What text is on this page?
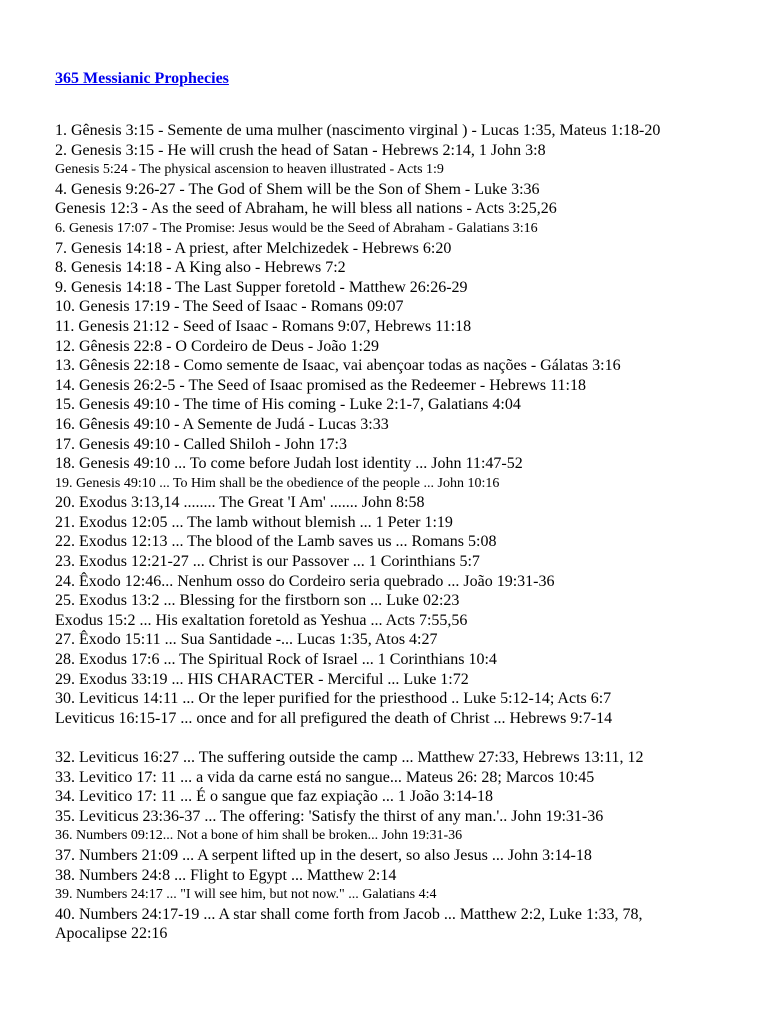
365 Messianic Prophecies
1. Gênesis 3:15 - Semente de uma mulher (nascimento virginal ) - Lucas 1:35, Mateus 1:18-20
2. Genesis 3:15 - He will crush the head of Satan - Hebrews 2:14, 1 John 3:8
Genesis 5:24 - The physical ascension to heaven illustrated - Acts 1:9
4. Genesis 9:26-27 - The God of Shem will be the Son of Shem - Luke 3:36
Genesis 12:3 - As the seed of Abraham, he will bless all nations - Acts 3:25,26
6. Genesis 17:07 - The Promise: Jesus would be the Seed of Abraham - Galatians 3:16
7. Genesis 14:18 - A priest, after Melchizedek - Hebrews 6:20
8. Genesis 14:18 - A King also - Hebrews 7:2
9. Genesis 14:18 - The Last Supper foretold - Matthew 26:26-29
10. Genesis 17:19 - The Seed of Isaac - Romans 09:07
11. Genesis 21:12 - Seed of Isaac - Romans 9:07, Hebrews 11:18
12. Gênesis 22:8 - O Cordeiro de Deus - João 1:29
13. Gênesis 22:18 - Como semente de Isaac, vai abençoar todas as nações - Gálatas 3:16
14. Genesis 26:2-5 - The Seed of Isaac promised as the Redeemer - Hebrews 11:18
15. Genesis 49:10 - The time of His coming - Luke 2:1-7, Galatians 4:04
16. Gênesis 49:10 - A Semente de Judá - Lucas 3:33
17. Genesis 49:10 - Called Shiloh - John 17:3
18. Genesis 49:10 ... To come before Judah lost identity ... John 11:47-52
19. Genesis 49:10 ... To Him shall be the obedience of the people ... John 10:16
20. Exodus 3:13,14 ........ The Great 'I Am' ....... John 8:58
21. Exodus 12:05 ... The lamb without blemish ... 1 Peter 1:19
22. Exodus 12:13 ... The blood of the Lamb saves us ... Romans 5:08
23. Exodus 12:21-27 ... Christ is our Passover ... 1 Corinthians 5:7
24. Êxodo 12:46... Nenhum osso do Cordeiro seria quebrado ... João 19:31-36
25. Exodus 13:2 ... Blessing for the firstborn son ... Luke 02:23
Exodus 15:2 ... His exaltation foretold as Yeshua ... Acts 7:55,56
27. Êxodo 15:11 ... Sua Santidade -... Lucas 1:35, Atos 4:27
28. Exodus 17:6 ... The Spiritual Rock of Israel ... 1 Corinthians 10:4
29. Exodus 33:19 ... HIS CHARACTER - Merciful ... Luke 1:72
30. Leviticus 14:11 ... Or the leper purified for the priesthood .. Luke 5:12-14; Acts 6:7
Leviticus 16:15-17 ... once and for all prefigured the death of Christ ... Hebrews 9:7-14
32. Leviticus 16:27 ... The suffering outside the camp ... Matthew 27:33, Hebrews 13:11, 12
33. Levitico 17: 11 ... a vida da carne está no sangue... Mateus 26: 28; Marcos 10:45
34. Levitico 17: 11 ... É o sangue que faz expiação ... 1 João 3:14-18
35. Leviticus 23:36-37 ... The offering: 'Satisfy the thirst of any man.'.. John 19:31-36
36. Numbers 09:12... Not a bone of him shall be broken... John 19:31-36
37. Numbers 21:09 ... A serpent lifted up in the desert, so also Jesus ... John 3:14-18
38. Numbers 24:8 ... Flight to Egypt ... Matthew 2:14
39. Numbers 24:17 ... "I will see him, but not now." ... Galatians 4:4
40. Numbers 24:17-19 ... A star shall come forth from Jacob ... Matthew 2:2, Luke 1:33, 78, Apocalipse 22:16
